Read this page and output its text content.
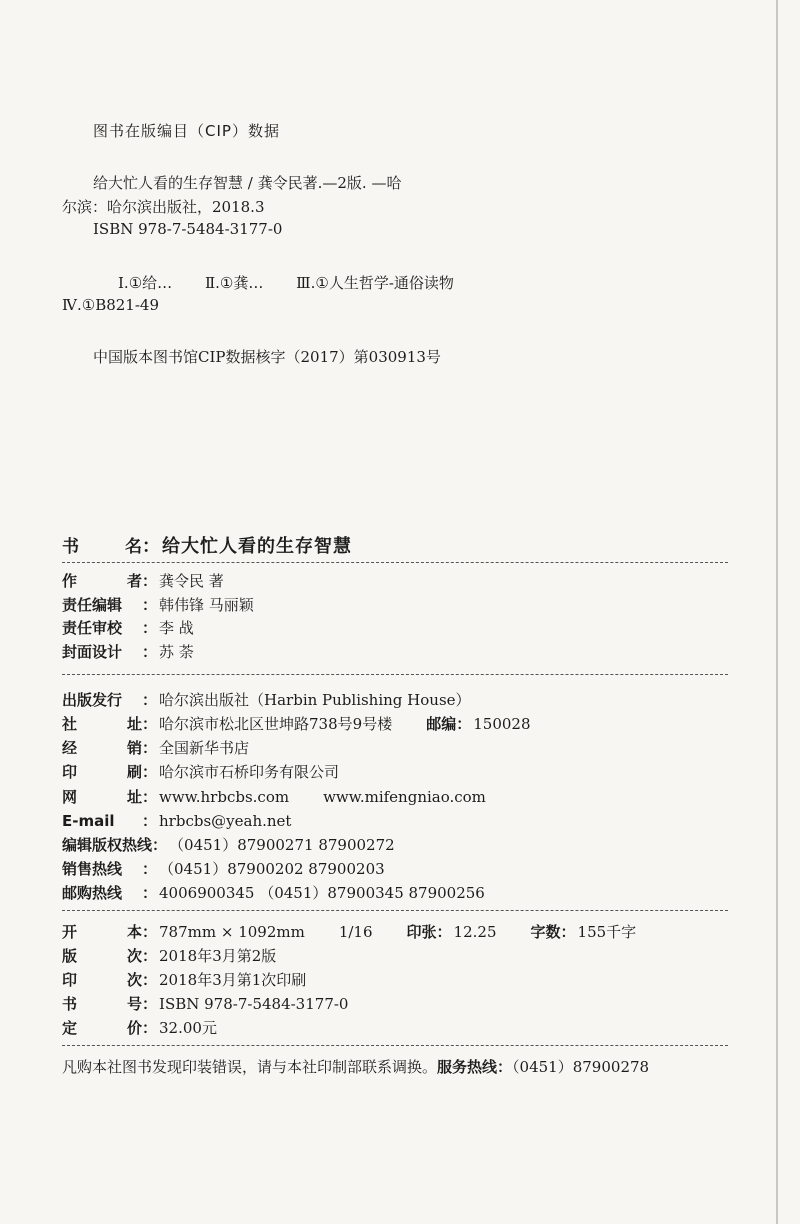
图书在版编目（CIP）数据
给大忙人看的生存智慧 / 龚令民著.—2版. —哈
尔滨：哈尔滨出版社，2018.3
ISBN 978-7-5484-3177-0
Ⅰ.①给… Ⅱ.①龚… Ⅲ.①人生哲学-通俗读物
Ⅳ.①B821-49
中国版本图书馆CIP数据核字（2017）第030913号
书	名 ： 给大忙人看的生存智慧
作	者 ： 龚令民 著
责任编辑	： 韩伟锋 马丽颖
责任审校	： 李 战
封面设计	： 苏 荼
出版发行	： 哈尔滨出版社（Harbin Publishing House）
社	址 ： 哈尔滨市松北区世坤路738号9号楼 邮编 ： 150028
经	销 ： 全国新华书店
印	刷 ： 哈尔滨市石桥印务有限公司
网	址 ： www.hrbcbs.com www.mifengniao.com
E-mail	： hrbcbs@yeah.net
编辑版权热线 ： （0451）87900271 87900272
销售热线	： （0451）87900202 87900203
邮购热线	： 4006900345 （0451）87900345 87900256
开	本 ： 787mm × 1092mm 1/16 印张 ： 12.25 字数 ： 155千字
版	次 ： 2018年3月第2版
印	次 ： 2018年3月第1次印刷
书	号 ： ISBN 978-7-5484-3177-0
定	价 ： 32.00元
凡购本社图书发现印装错误，请与本社印制部联系调换。服务热线：（0451）87900278
